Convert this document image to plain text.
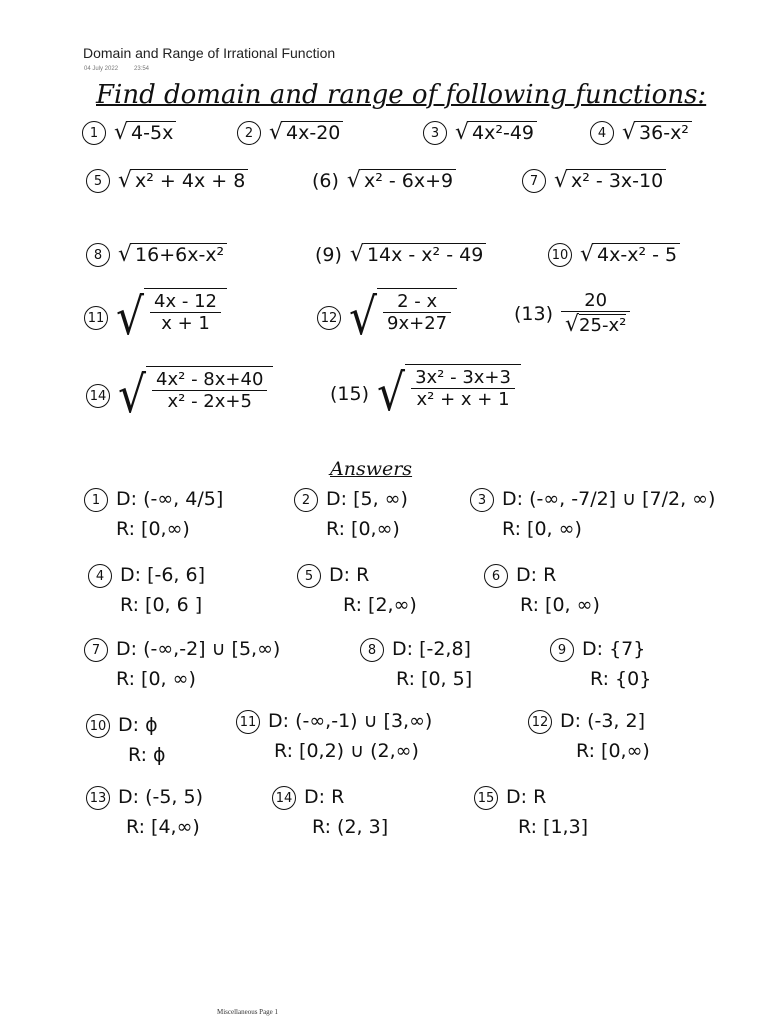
Domain and Range of Irrational Function
04 July 2022	23:54
Find domain and range of following functions:
1 √ 4-5x	2 √ 4x-20	3 √ 4x²-49	4 √ 36-x²
5 √ x² + 4x + 8	(6) √ x² - 6x+9	7 √ x² - 3x-10
8 √ 16+6x-x²	(9) √ 14x - x² - 49	10 √ 4x-x² - 5
11 √ $\frac{4x - 12}{x + 1}$	12 √ $\frac{2 - x}{9x+27}$	$(13) \frac{20}{\text{√25-x²}}$
14 √ $\frac{\text{4x² - 8x+40}}{\text{x² - 2x+5}}$	(15) √ $\frac{\text{3x² - 3x+3}}{\text{x² + x + 1}}$
Answers
1 D: (-∞, 4/5]
R: [0,∞)
2 D: [5, ∞)
R: [0,∞)
3 D: (-∞, -7/2] ∪ [7/2, ∞)
R: [0, ∞)
4 D: [-6, 6]
R: [0, 6 ]
5 D: R
R: [2,∞)
6 D: R
R: [0, ∞)
7 D: (-∞,-2] ∪ [5,∞)
R: [0, ∞)
8 D: [-2,8]
R: [0, 5]
9 D: {7}
R: {0}
10 D: ϕ
R: ϕ
11 D: (-∞,-1) ∪ [3,∞)
R: [0,2) ∪ (2,∞)
12 D: (-3, 2]
R: [0,∞)
13 D: (-5, 5)
R: [4,∞)
14 D: R
R: (2, 3]
15 D: R
R: [1,3]
Miscellaneous Page 1
